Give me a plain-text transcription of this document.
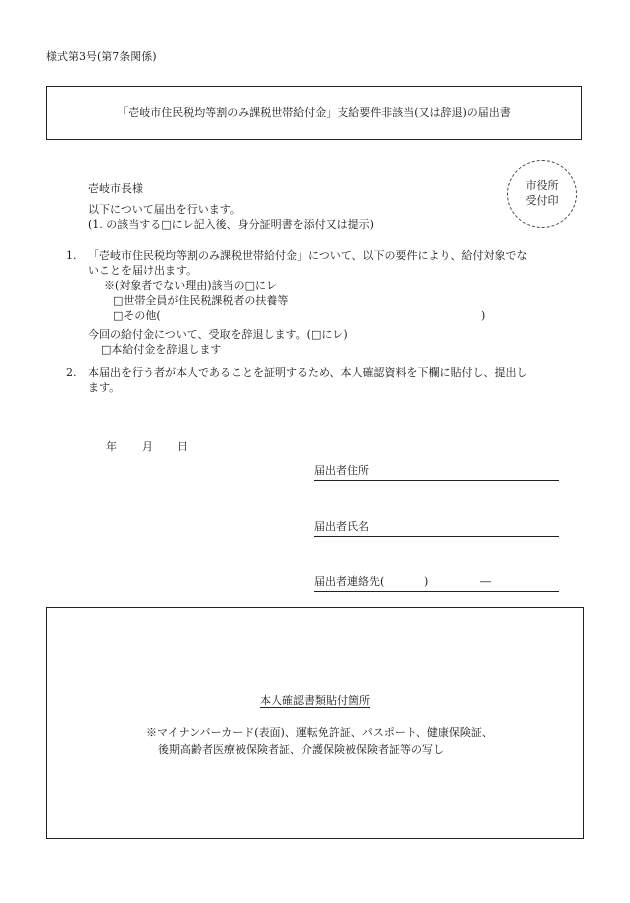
様式第3号(第7条関係)
「壱岐市住民税均等割のみ課税世帯給付金」支給要件非該当(又は辞退)の届出書
市役所
受付印
壱岐市長様
以下について届出を行います。
(1. の該当する□にレ記入後、身分証明書を添付又は提示)
1. 「壱岐市住民税均等割のみ課税世帯給付金」について、以下の要件により、給付対象でな
いことを届け出ます。
※(対象者でない理由)該当の□にレ
□世帯全員が住民税課税者の扶養等
□その他(	)
今回の給付金について、受取を辞退します。(□にレ)
□本給付金を辞退します
2. 本届出を行う者が本人であることを証明するため、本人確認資料を下欄に貼付し、提出し
ます。
年 月 日
届出者住所
届出者氏名
届出者連絡先(	)	―
本人確認書類貼付箇所
※マイナンバーカード(表面)、運転免許証、パスポート、健康保険証、
後期高齢者医療被保険者証、介護保険被保険者証等の写し
